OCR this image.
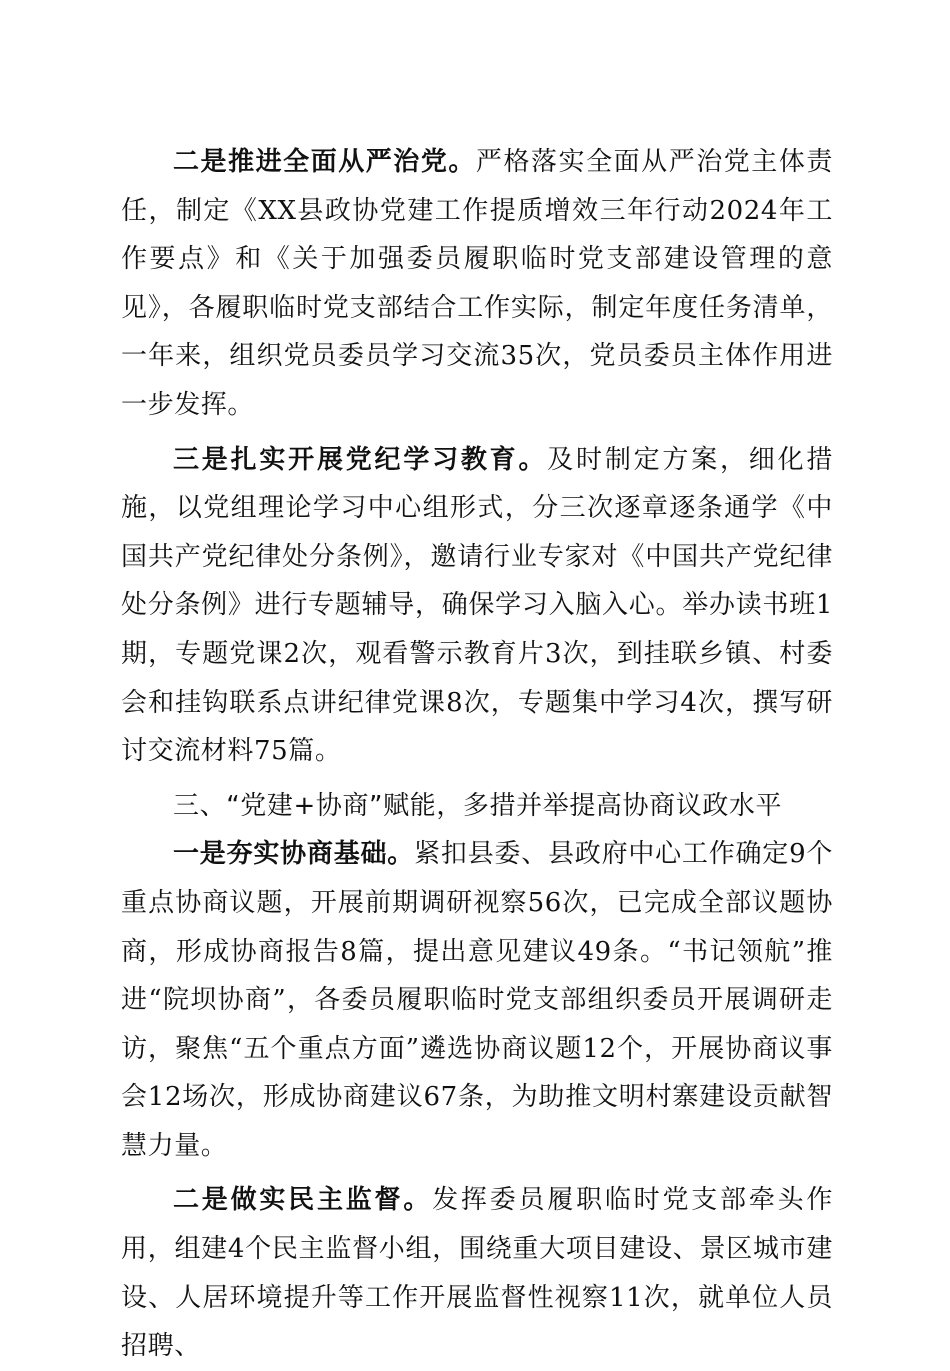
二是推进全面从严治党。严格落实全面从严治党主体责任，制定《XX县政协党建工作提质增效三年行动2024年工作要点》和《关于加强委员履职临时党支部建设管理的意见》，各履职临时党支部结合工作实际，制定年度任务清单，一年来，组织党员委员学习交流35次，党员委员主体作用进一步发挥。

三是扎实开展党纪学习教育。及时制定方案，细化措施，以党组理论学习中心组形式，分三次逐章逐条通学《中国共产党纪律处分条例》，邀请行业专家对《中国共产党纪律处分条例》进行专题辅导，确保学习入脑入心。举办读书班1期，专题党课2次，观看警示教育片3次，到挂联乡镇、村委会和挂钩联系点讲纪律党课8次，专题集中学习4次，撰写研讨交流材料75篇。

三、“党建+协商”赋能，多措并举提高协商议政水平

一是夯实协商基础。紧扣县委、县政府中心工作确定9个重点协商议题，开展前期调研视察56次，已完成全部议题协商，形成协商报告8篇，提出意见建议49条。“书记领航”推进“院坝协商”，各委员履职临时党支部组织委员开展调研走访，聚焦“五个重点方面”遴选协商议题12个，开展协商议事会12场次，形成协商建议67条，为助推文明村寨建设贡献智慧力量。

二是做实民主监督。发挥委员履职临时党支部牵头作用，组建4个民主监督小组，围绕重大项目建设、景区城市建设、人居环境提升等工作开展监督性视察11次，就单位人员招聘、
